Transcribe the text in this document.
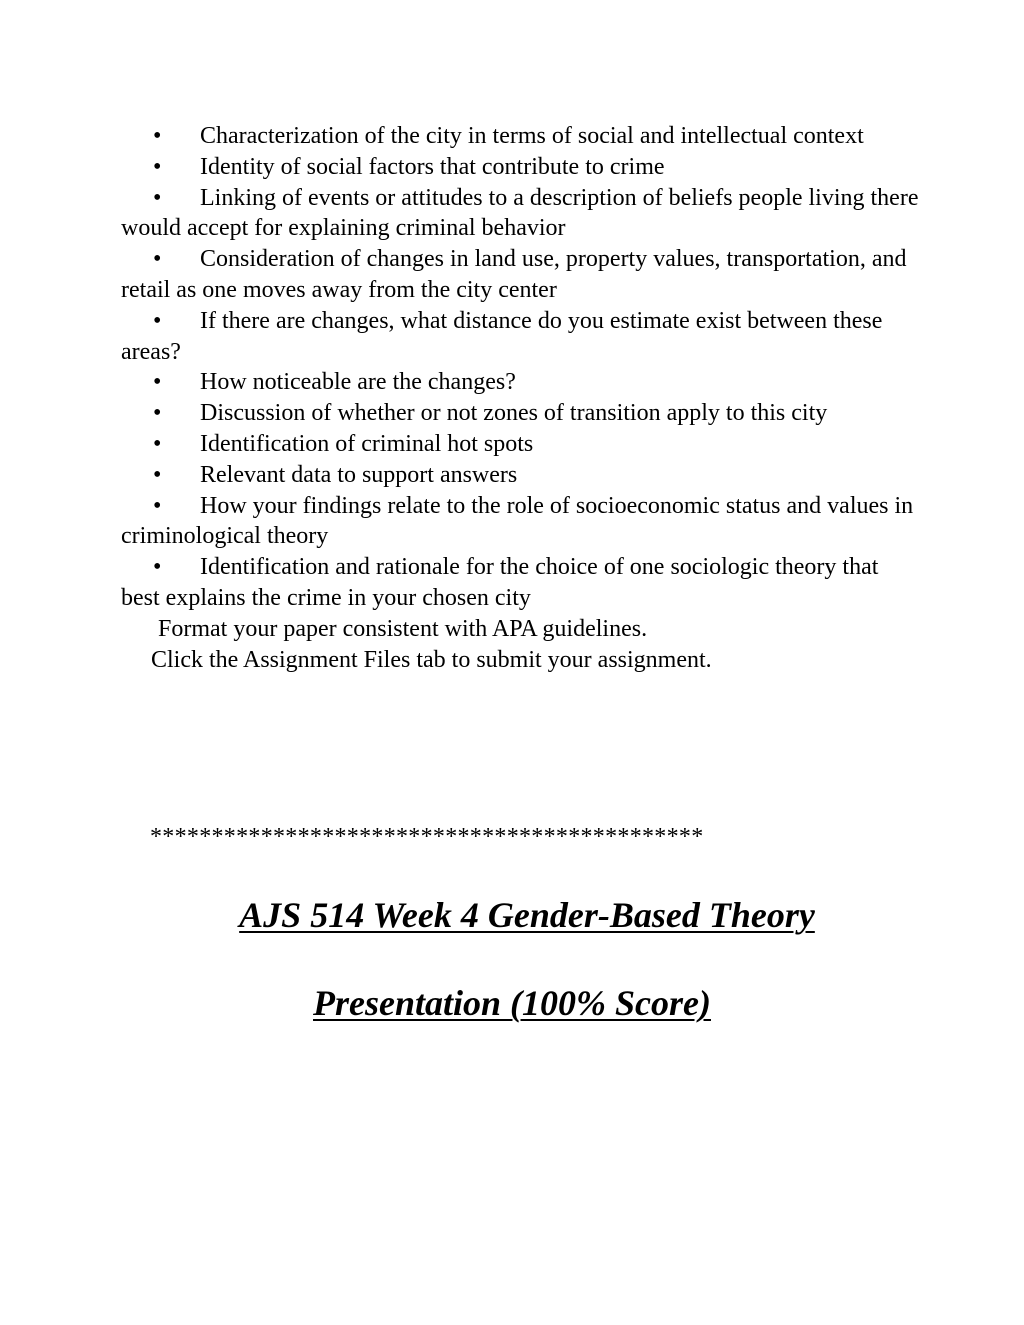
• Characterization of the city in terms of social and intellectual context

• Identity of social factors that contribute to crime

• Linking of events or attitudes to a description of beliefs people living there would accept for explaining criminal behavior

• Consideration of changes in land use, property values, transportation, and retail as one moves away from the city center

• If there are changes, what distance do you estimate exist between these areas?

• How noticeable are the changes?

• Discussion of whether or not zones of transition apply to this city

• Identification of criminal hot spots

• Relevant data to support answers

• How your findings relate to the role of socioeconomic status and values in criminological theory

• Identification and rationale for the choice of one sociologic theory that best explains the crime in your chosen city

Format your paper consistent with APA guidelines.

Click the Assignment Files tab to submit your assignment.

*********************************************
AJS 514 Week 4 Gender-Based Theory
Presentation (100% Score)
